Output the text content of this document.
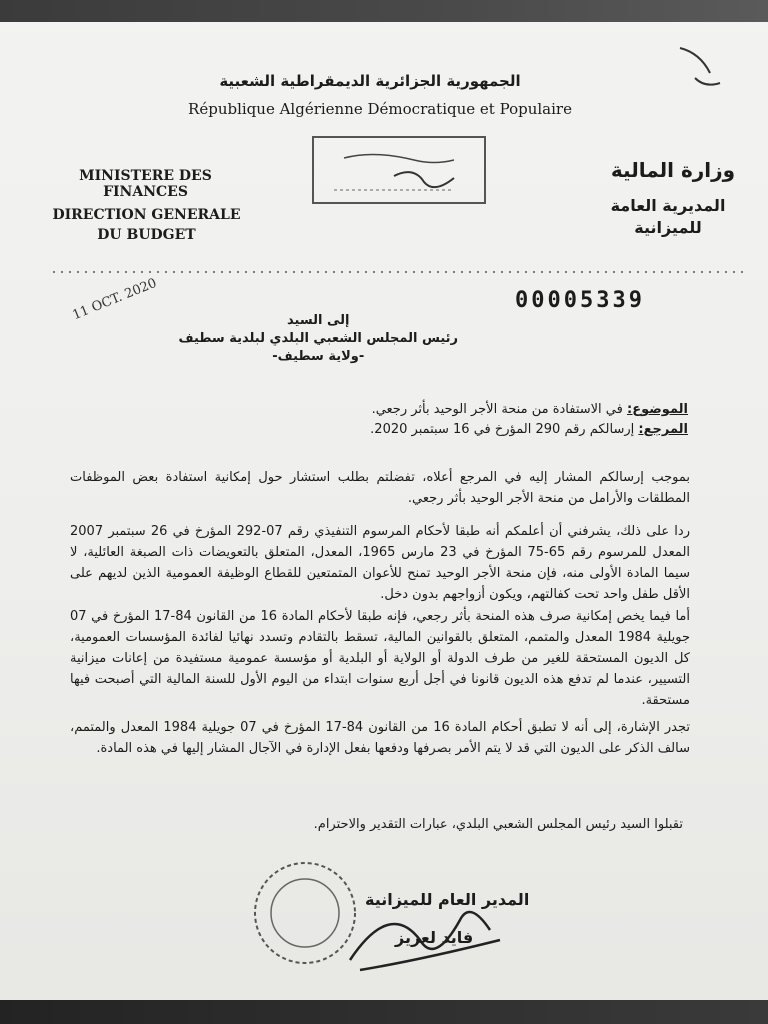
الجمهورية الجزائرية الديمقراطية الشعبية
République Algérienne Démocratique et Populaire
MINISTERE DES FINANCES
DIRECTION GENERALE
DU BUDGET
وزارة المالية
المديرية العامة
للميزانية
11 OCT. 2020	00005339
إلى السيد
رئيس المجلس الشعبي البلدي لبلدية سطيف
-ولاية سطيف-
الموضوع: في الاستفادة من منحة الأجر الوحيد بأثر رجعي.
المرجع: إرسالكم رقم 290 المؤرخ في 16 سبتمبر 2020.
بموجب إرسالكم المشار إليه في المرجع أعلاه، تفضلتم بطلب استشار حول إمكانية استفادة بعض الموظفات المطلقات والأرامل من منحة الأجر الوحيد بأثر رجعي.
ردا على ذلك، يشرفني أن أعلمكم أنه طبقا لأحكام المرسوم التنفيذي رقم 07-292 المؤرخ في 26 سبتمبر 2007 المعدل للمرسوم رقم 65-75 المؤرخ في 23 مارس 1965، المعدل، المتعلق بالتعويضات ذات الصبغة العائلية، لا سيما المادة الأولى منه، فإن منحة الأجر الوحيد تمنح للأعوان المتمتعين للقطاع الوظيفة العمومية الذين لديهم على الأقل طفل واحد تحت كفالتهم، ويكون أزواجهم بدون دخل.
أما فيما يخص إمكانية صرف هذه المنحة بأثر رجعي، فإنه طبقا لأحكام المادة 16 من القانون 84-17 المؤرخ في 07 جويلية 1984 المعدل والمتمم، المتعلق بالقوانين المالية، تسقط بالتقادم وتسدد نهائيا لفائدة المؤسسات العمومية، كل الديون المستحقة للغير من طرف الدولة أو الولاية أو البلدية أو مؤسسة عمومية مستفيدة من إعانات ميزانية التسيير، عندما لم تدفع هذه الديون قانونا في أجل أربع سنوات ابتداء من اليوم الأول للسنة المالية التي أصبحت فيها مستحقة.
تجدر الإشارة، إلى أنه لا تطبق أحكام المادة 16 من القانون 84-17 المؤرخ في 07 جويلية 1984 المعدل والمتمم، سالف الذكر على الديون التي قد لا يتم الأمر بصرفها ودفعها بفعل الإدارة في الآجال المشار إليها في هذه المادة.
تقبلوا السيد رئيس المجلس الشعبي البلدي، عبارات التقدير والاحترام.
المدير العام للميزانية
فايد لعزيز
